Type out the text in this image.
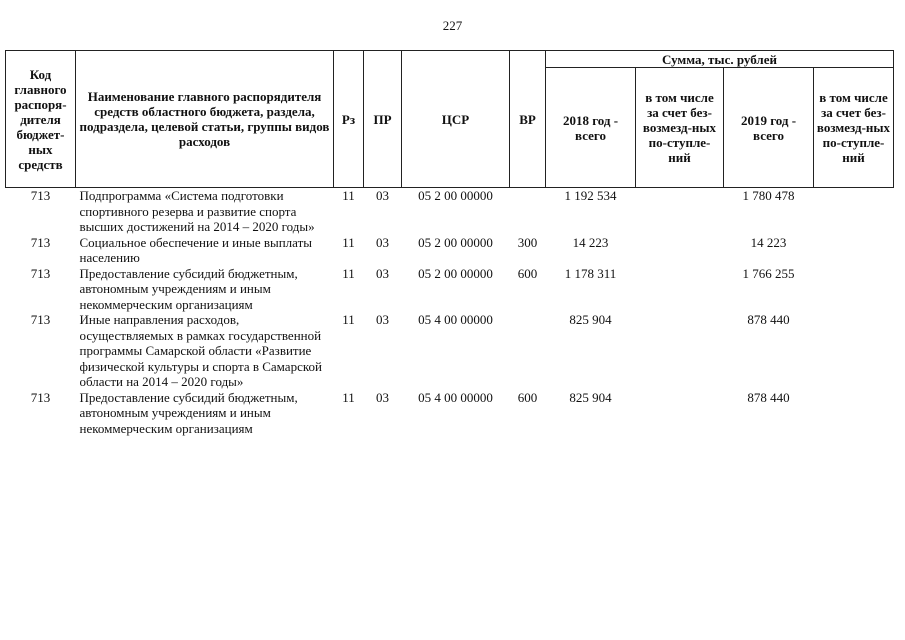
227
Код главного распоря-дителя бюджет-ных средств	Наименование главного распорядителя средств областного бюджета, раздела, подраздела, целевой статьи, группы видов расходов	Рз	ПР	ЦСР	ВР	Сумма, тыс. рублей			
						2018 год - всего	в том числе за счет без-возмезд-ных по-ступле-ний	2019 год - всего	в том числе за счет без-возмезд-ных по-ступле-ний
713	Подпрограмма «Система подготовки спортивного резерва и развитие спорта высших достижений на 2014 – 2020 годы»	11	03	05 2 00 00000		1 192 534		1 780 478	
713	Социальное обеспечение и иные выплаты населению	11	03	05 2 00 00000	300	14 223		14 223	
713	Предоставление субсидий бюджетным, автономным учреждениям и иным некоммерческим организациям	11	03	05 2 00 00000	600	1 178 311		1 766 255	
713	Иные направления расходов, осуществляемых в рамках государственной программы Самарской области «Развитие физической культуры и спорта в Самарской области на 2014 – 2020 годы»	11	03	05 4 00 00000		825 904		878 440	
713	Предоставление субсидий бюджетным, автономным учреждениям и иным некоммерческим организациям	11	03	05 4 00 00000	600	825 904		878 440	
